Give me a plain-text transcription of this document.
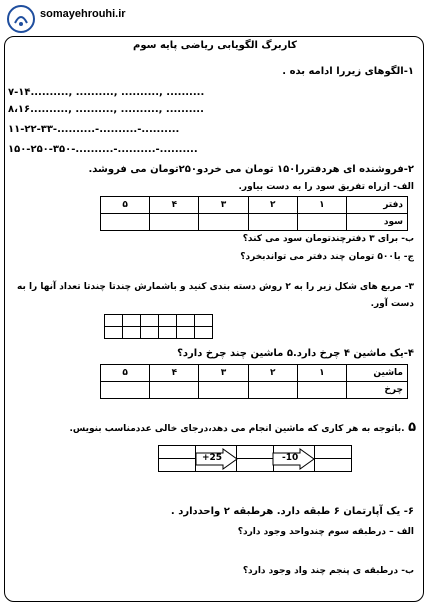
somayehrouhi.ir
کاربرگ الگویابی ریاضی پایه سوم
۱-الگوهای زیررا ادامه بده .
۷-۱۴.........., .........., .........., ..........
۸،۱۶.........., .........., .........., ..........
۱۱-۲۲-۳۳-..........-..........-..........
۱۵۰-۲۵۰-۳۵۰-..........-..........-..........
۲-فروشنده ای هردفتررا۱۵۰ تومان می خردو۲۵۰تومان می فروشد.
الف- ازراه تفریق سود را به دست بیاور.
دفتر	۱	۲	۳	۴	۵
سود					
ب- برای ۳ دفترچندتومان سود می کند؟
ج- با۵۰۰ تومان چند دفتر می تواندبخرد؟
۳- مربع های شکل زیر را به ۲ روش دسته بندی کنید و باشمارش چندتا چندتا تعداد آنها را به
دست آور.

۴-یک ماشین ۴ چرخ دارد.۵ ماشین چند چرخ دارد؟
ماشین	۱	۲	۳	۴	۵
چرخ					
۵ .باتوجه به هر کاری که ماشین انجام می دهد،درجای خالی عددمناسب بنویس.

+25	-10
۶- یک آپارتمان ۶ طبقه دارد. هرطبقه ۲ واحددارد .
الف – درطبقه سوم چندواحد وجود دارد؟
ب- درطبقه ی پنجم چند واد وجود دارد؟
